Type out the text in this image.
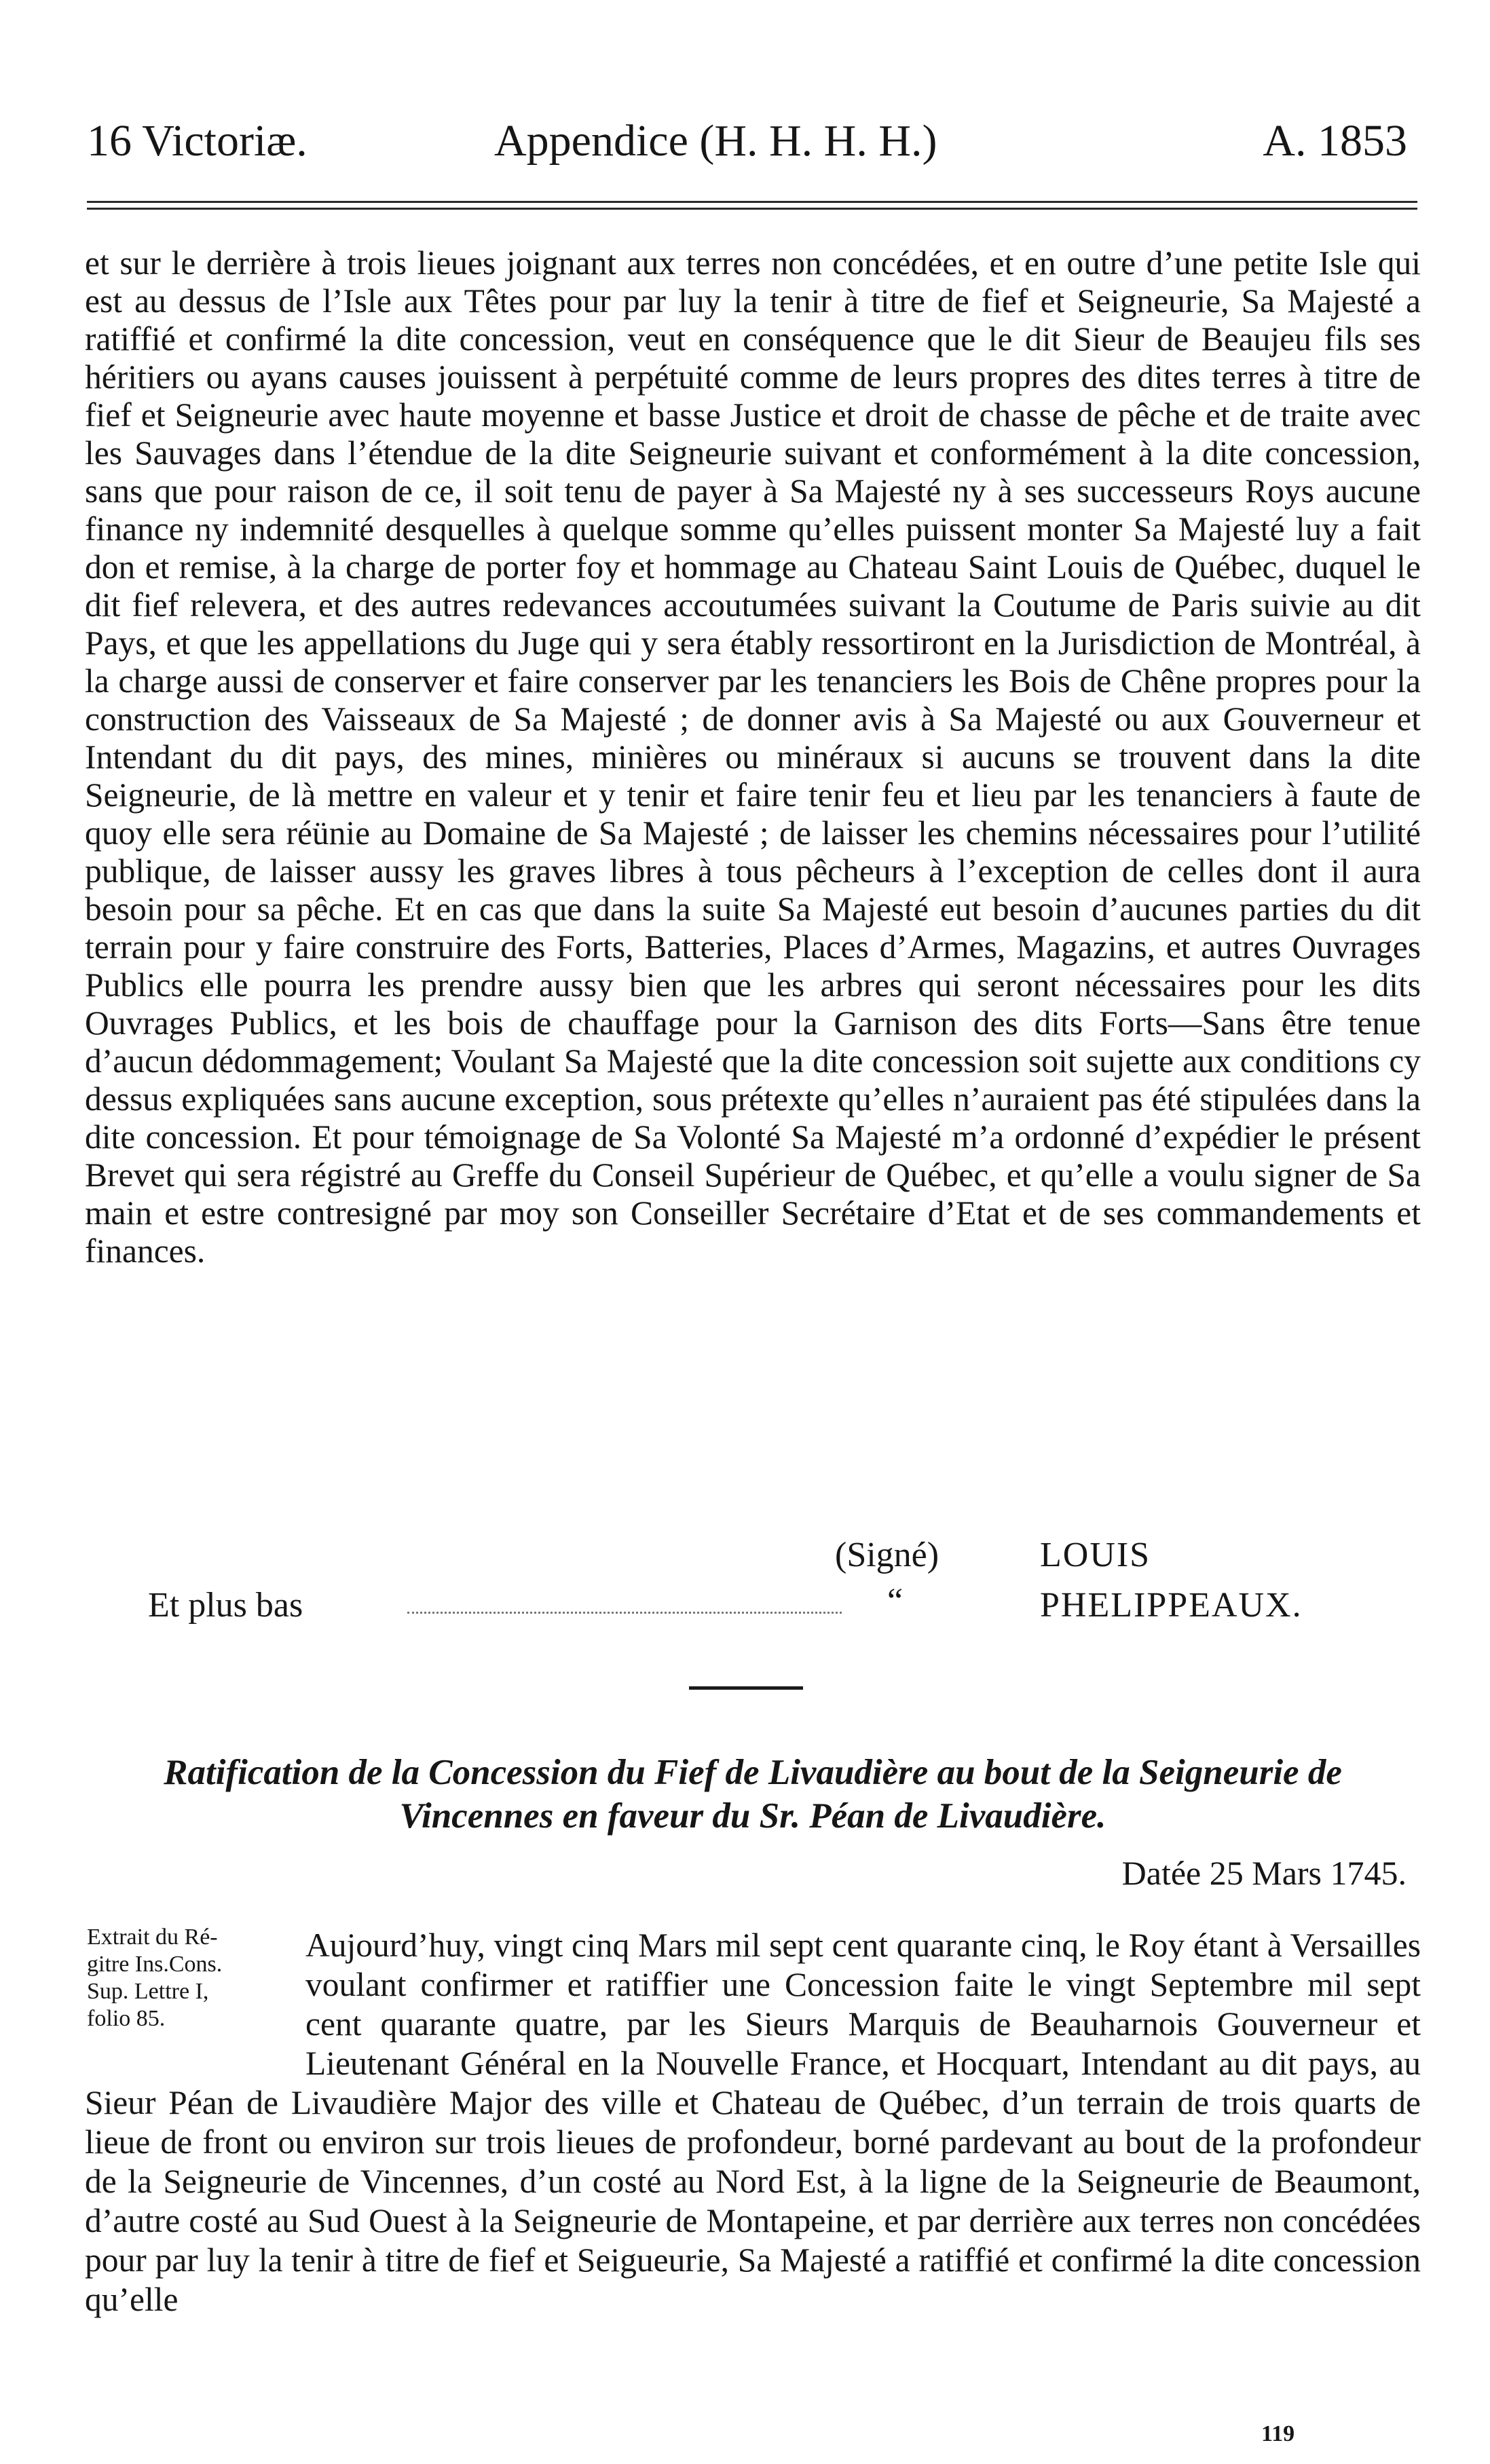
16 Victoriæ.	Appendice (H. H. H. H.)	A. 1853

et sur le derrière à trois lieues joignant aux terres non concédées, et en outre d’une petite Isle qui est au dessus de l’Isle aux Têtes pour par luy la tenir à titre de fief et Seigneurie, Sa Majesté a ratiffié et confirmé la dite concession, veut en conséquence que le dit Sieur de Beaujeu fils ses héritiers ou ayans causes jouissent à perpétuité comme de leurs propres des dites terres à titre de fief et Seigneurie avec haute moyenne et basse Justice et droit de chasse de pêche et de traite avec les Sauvages dans l’étendue de la dite Seigneurie suivant et conformément à la dite concession, sans que pour raison de ce, il soit tenu de payer à Sa Majesté ny à ses successeurs Roys aucune finance ny indemnité desquelles à quelque somme qu’elles puissent monter Sa Majesté luy a fait don et remise, à la charge de porter foy et hommage au Chateau Saint Louis de Québec, duquel le dit fief relevera, et des autres redevances accoutumées suivant la Coutume de Paris suivie au dit Pays, et que les appellations du Juge qui y sera étably ressortiront en la Jurisdiction de Montréal, à la charge aussi de conserver et faire conserver par les tenanciers les Bois de Chêne propres pour la construction des Vaisseaux de Sa Majesté ; de donner avis à Sa Majesté ou aux Gouverneur et Intendant du dit pays, des mines, minières ou minéraux si aucuns se trouvent dans la dite Seigneurie, de là mettre en valeur et y tenir et faire tenir feu et lieu par les tenanciers à faute de quoy elle sera réünie au Domaine de Sa Majesté ; de laisser les chemins nécessaires pour l’utilité publique, de laisser aussy les graves libres à tous pêcheurs à l’exception de celles dont il aura besoin pour sa pêche. Et en cas que dans la suite Sa Majesté eut besoin d’aucunes parties du dit terrain pour y faire construire des Forts, Batteries, Places d’Armes, Magazins, et autres Ouvrages Publics elle pourra les prendre aussy bien que les arbres qui seront nécessaires pour les dits Ouvrages Publics, et les bois de chauffage pour la Garnison des dits Forts—Sans être tenue d’aucun dédommagement; Voulant Sa Majesté que la dite concession soit sujette aux conditions cy dessus expliquées sans aucune exception, sous prétexte qu’elles n’auraient pas été stipulées dans la dite concession. Et pour témoignage de Sa Volonté Sa Majesté m’a ordonné d’expédier le présent Brevet qui sera régistré au Greffe du Conseil Supérieur de Québec, et qu’elle a voulu signer de Sa main et estre contresigné par moy son Conseiller Secrétaire d’Etat et de ses commandements et finances.

(Signé)	LOUIS
Et plus bas	“	PHELIPPEAUX.

Ratification de la Concession du Fief de Livaudière au bout de la Seigneurie de Vincennes en faveur du Sr. Péan de Livaudière.

Datée 25 Mars 1745.
Extrait du Ré-
gitre Ins.Cons.
Sup. Lettre I,
folio 85.

Aujourd’huy, vingt cinq Mars mil sept cent quarante cinq, le Roy étant à Versailles voulant confirmer et ratiffier une Concession faite le vingt Septembre mil sept cent quarante quatre, par les Sieurs Marquis de Beauharnois Gouverneur et Lieutenant Général en la Nouvelle France, et Hocquart, Intendant au dit pays, au Sieur Péan de Livaudière Major des ville et Chateau de Québec, d’un terrain de trois quarts de lieue de front ou environ sur trois lieues de profondeur, borné pardevant au bout de la profondeur de la Seigneurie de Vincennes, d’un costé au Nord Est, à la ligne de la Seigneurie de Beaumont, d’autre costé au Sud Ouest à la Seigneurie de Montapeine, et par derrière aux terres non concédées pour par luy la tenir à titre de fief et Seigueurie, Sa Majesté a ratiffié et confirmé la dite concession qu’elle

119
